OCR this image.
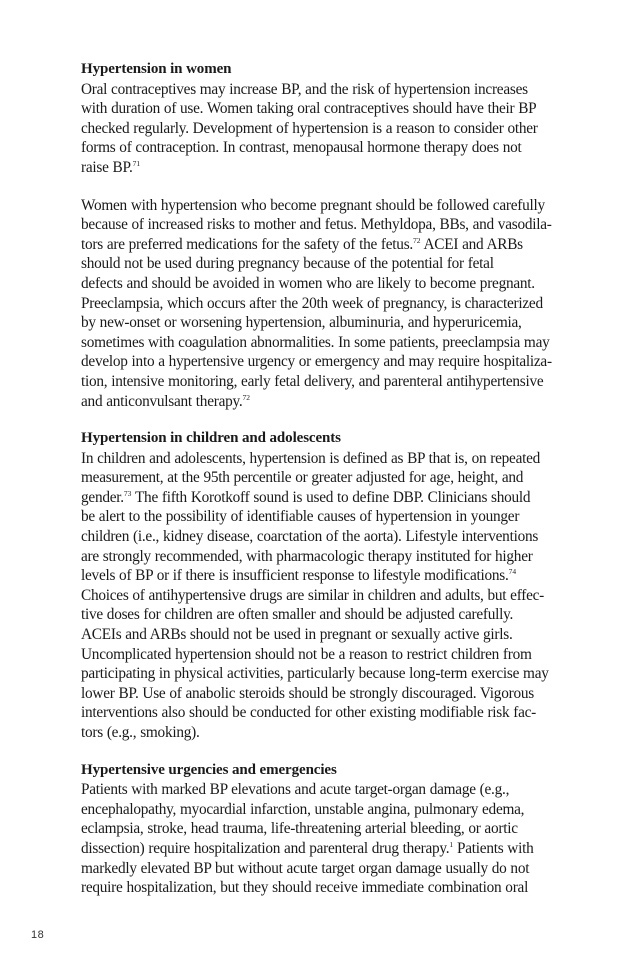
Hypertension in women

Oral contraceptives may increase BP, and the risk of hypertension increases
with duration of use. Women taking oral contraceptives should have their BP
checked regularly. Development of hypertension is a reason to consider other
forms of contraception. In contrast, menopausal hormone therapy does not
raise BP.$^{71}$

Women with hypertension who become pregnant should be followed carefully
because of increased risks to mother and fetus. Methyldopa, BBs, and vasodila-
tors are preferred medications for the safety of the fetus.$^{72}$ ACEI and ARBs
should not be used during pregnancy because of the potential for fetal
defects and should be avoided in women who are likely to become pregnant.
Preeclampsia, which occurs after the 20th week of pregnancy, is characterized
by new-onset or worsening hypertension, albuminuria, and hyperuricemia,
sometimes with coagulation abnormalities. In some patients, preeclampsia may
develop into a hypertensive urgency or emergency and may require hospitaliza-
tion, intensive monitoring, early fetal delivery, and parenteral antihypertensive
and anticonvulsant therapy.$^{72}$

Hypertension in children and adolescents

In children and adolescents, hypertension is defined as BP that is, on repeated
measurement, at the 95th percentile or greater adjusted for age, height, and
gender.$^{73}$ The fifth Korotkoff sound is used to define DBP. Clinicians should
be alert to the possibility of identifiable causes of hypertension in younger
children (i.e., kidney disease, coarctation of the aorta). Lifestyle interventions
are strongly recommended, with pharmacologic therapy instituted for higher
levels of BP or if there is insufficient response to lifestyle modifications.$^{74}$
Choices of antihypertensive drugs are similar in children and adults, but effec-
tive doses for children are often smaller and should be adjusted carefully.
ACEIs and ARBs should not be used in pregnant or sexually active girls.
Uncomplicated hypertension should not be a reason to restrict children from
participating in physical activities, particularly because long-term exercise may
lower BP. Use of anabolic steroids should be strongly discouraged. Vigorous
interventions also should be conducted for other existing modifiable risk fac-
tors (e.g., smoking).

Hypertensive urgencies and emergencies

Patients with marked BP elevations and acute target-organ damage (e.g.,
encephalopathy, myocardial infarction, unstable angina, pulmonary edema,
eclampsia, stroke, head trauma, life-threatening arterial bleeding, or aortic
dissection) require hospitalization and parenteral drug therapy.$^1$ Patients with
markedly elevated BP but without acute target organ damage usually do not
require hospitalization, but they should receive immediate combination oral

18
